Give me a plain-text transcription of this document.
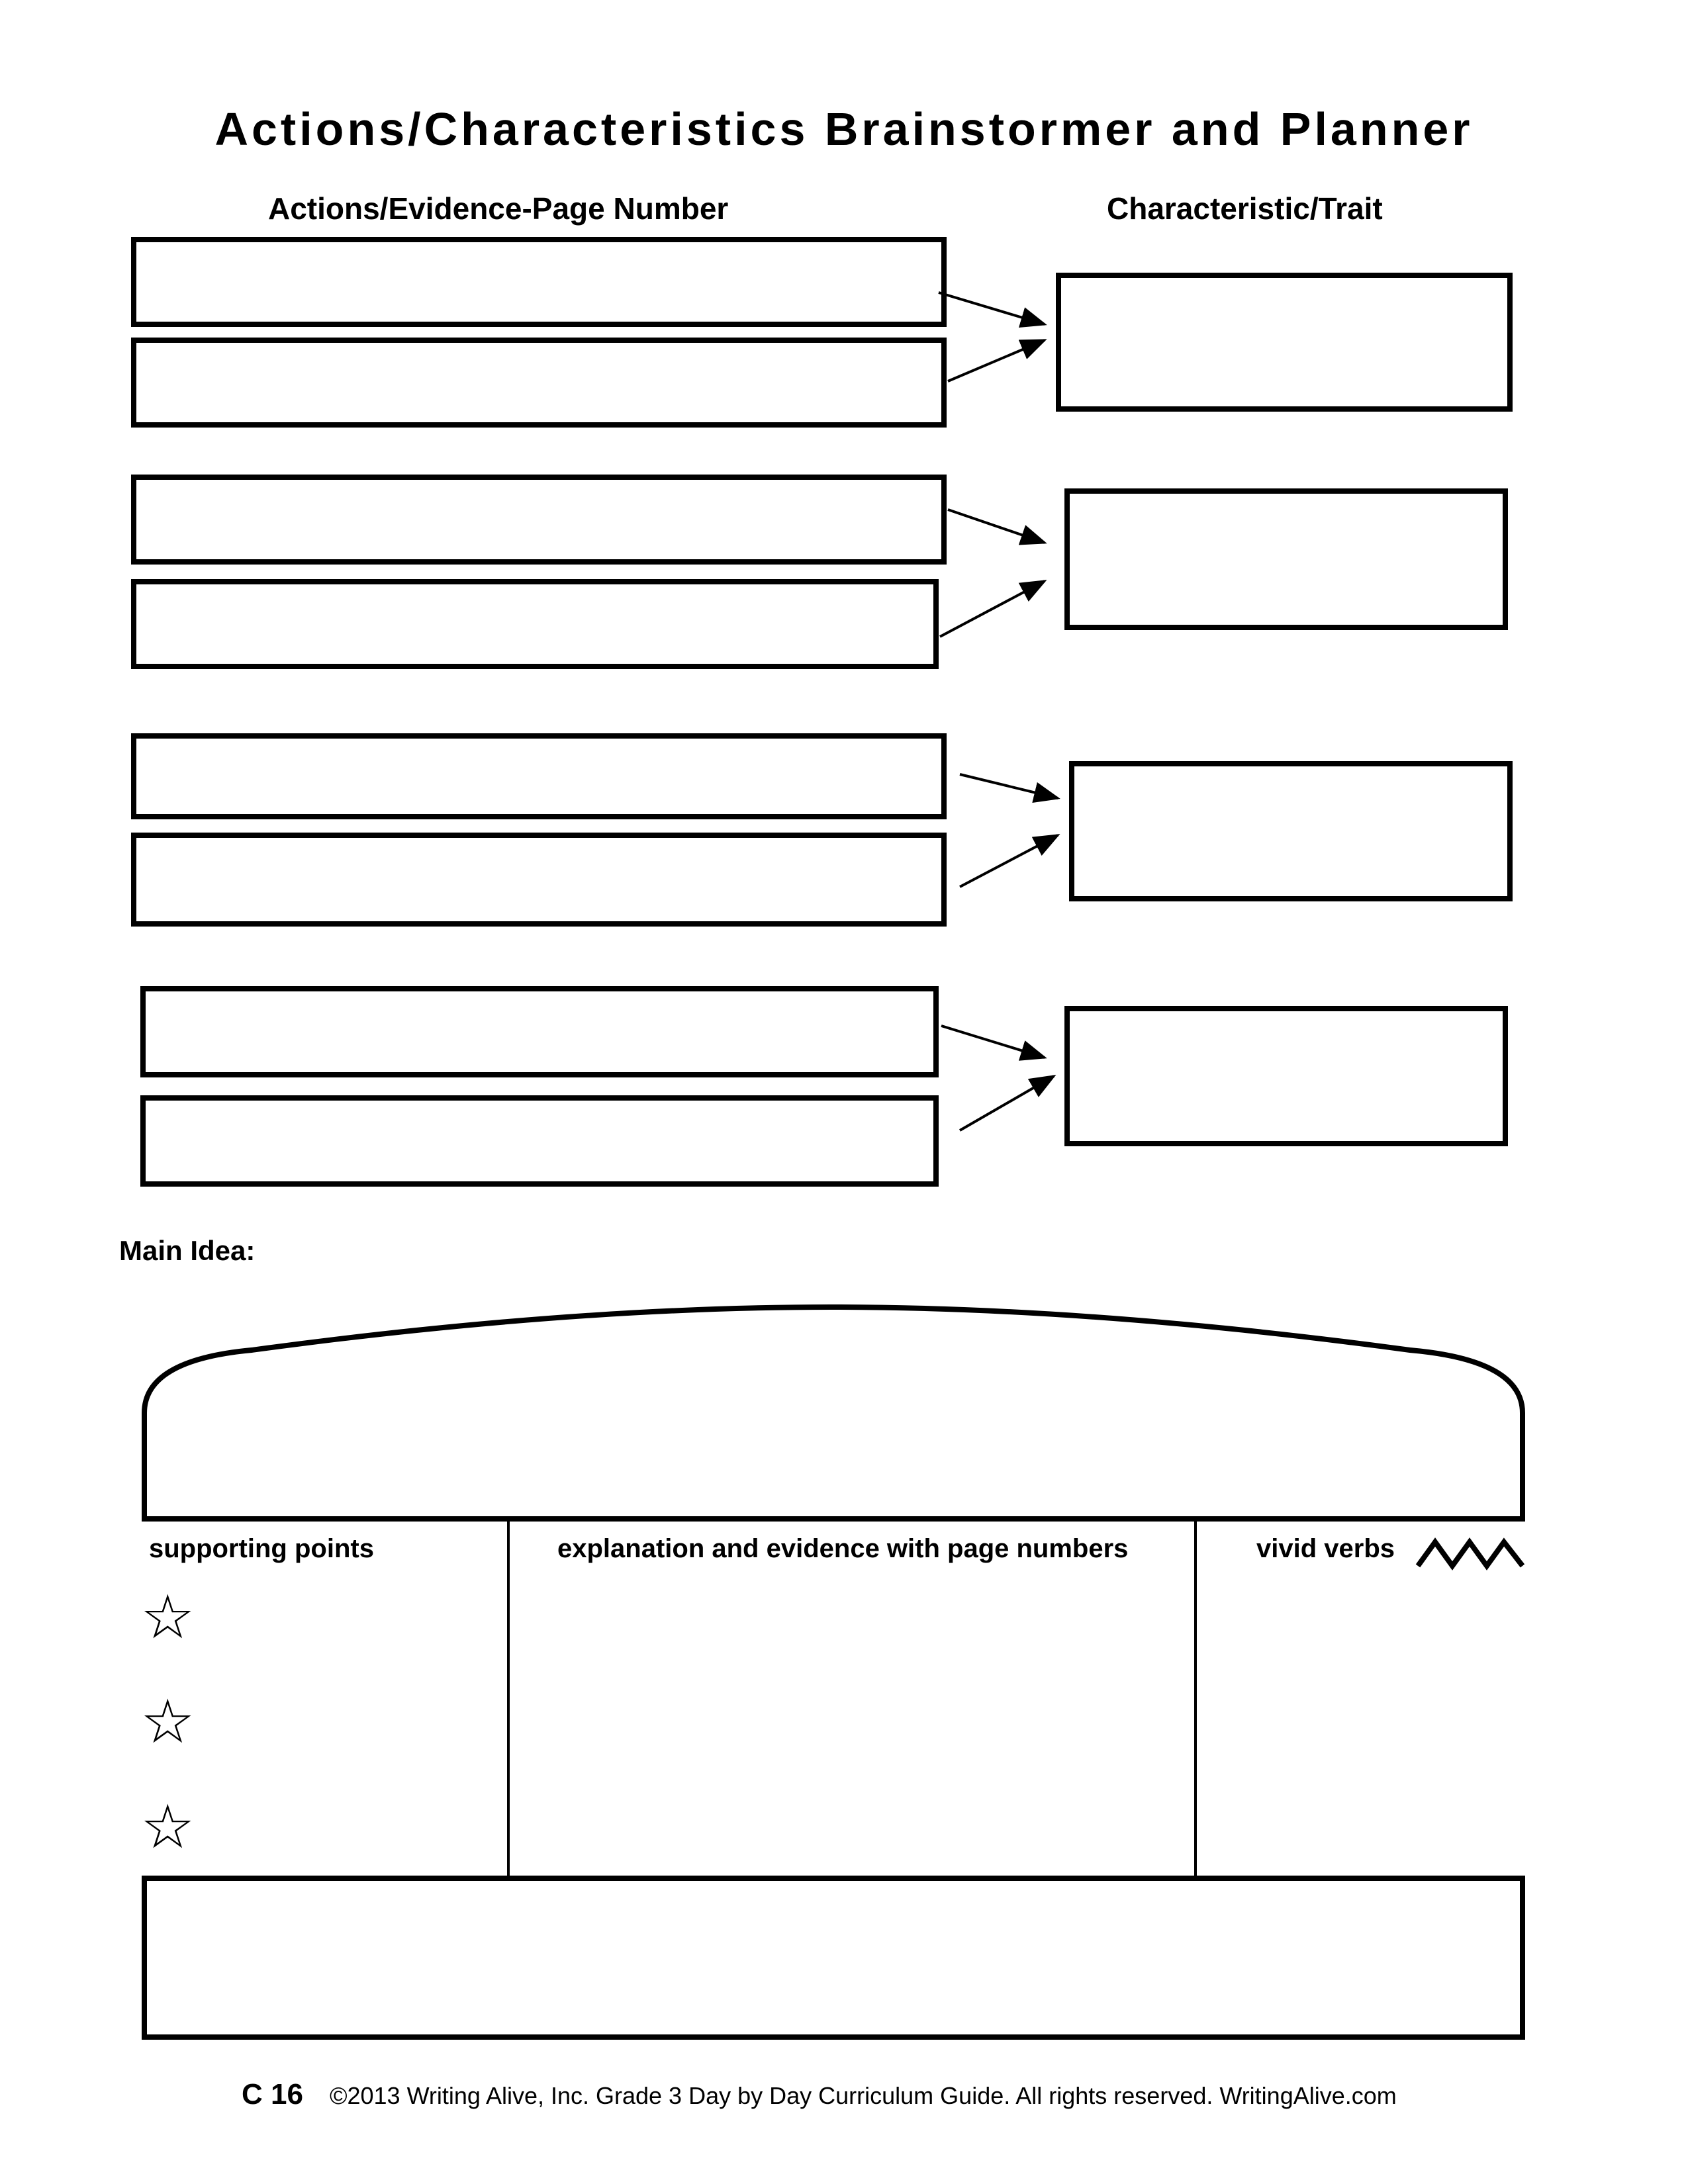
Actions/Characteristics Brainstormer and Planner
Actions/Evidence-Page Number	Characteristic/Trait
Main Idea:
supporting points	explanation and evidence with page numbers	vivid verbs
☆
☆
☆
C 16 ©2013 Writing Alive, Inc. Grade 3 Day by Day Curriculum Guide. All rights reserved. WritingAlive.com
